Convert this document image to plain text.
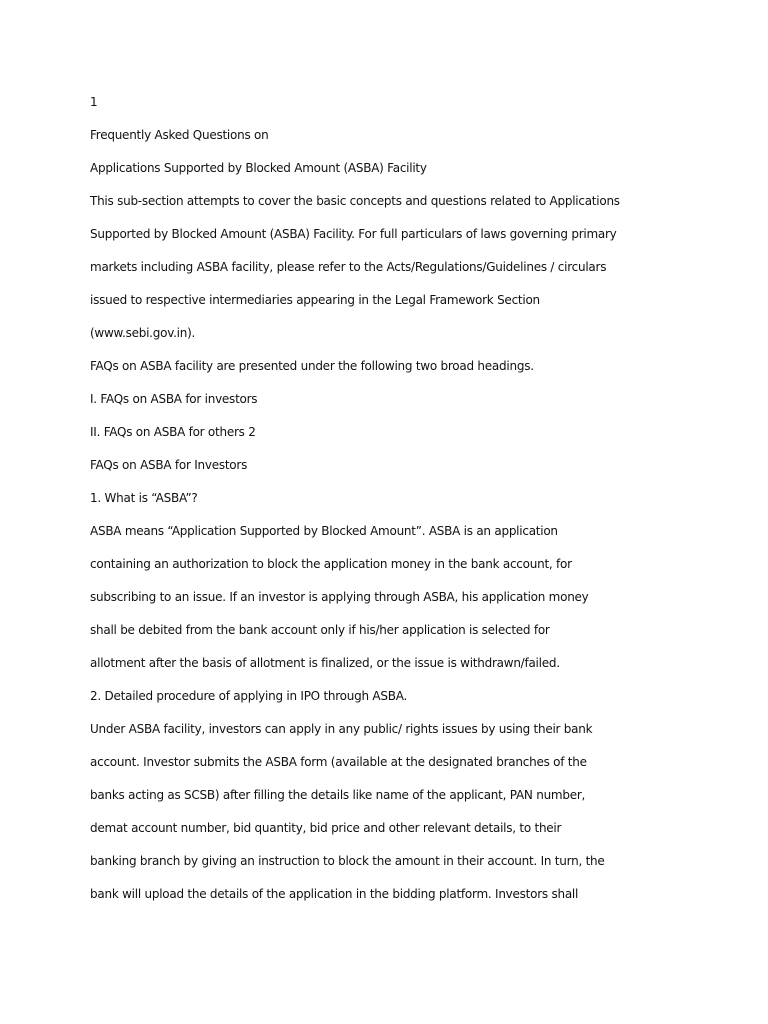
1
Frequently Asked Questions on
Applications Supported by Blocked Amount (ASBA) Facility
This sub-section attempts to cover the basic concepts and questions related to Applications
Supported by Blocked Amount (ASBA) Facility. For full particulars of laws governing primary
markets including ASBA facility, please refer to the Acts/Regulations/Guidelines / circulars
issued to respective intermediaries appearing in the Legal Framework Section
(www.sebi.gov.in).
FAQs on ASBA facility are presented under the following two broad headings.
I. FAQs on ASBA for investors
II. FAQs on ASBA for others 2
FAQs on ASBA for Investors
1. What is “ASBA”?
ASBA means “Application Supported by Blocked Amount”. ASBA is an application
containing an authorization to block the application money in the bank account, for
subscribing to an issue. If an investor is applying through ASBA, his application money
shall be debited from the bank account only if his/her application is selected for
allotment after the basis of allotment is finalized, or the issue is withdrawn/failed.
2. Detailed procedure of applying in IPO through ASBA.
Under ASBA facility, investors can apply in any public/ rights issues by using their bank
account. Investor submits the ASBA form (available at the designated branches of the
banks acting as SCSB) after filling the details like name of the applicant, PAN number,
demat account number, bid quantity, bid price and other relevant details, to their
banking branch by giving an instruction to block the amount in their account. In turn, the
bank will upload the details of the application in the bidding platform. Investors shall
